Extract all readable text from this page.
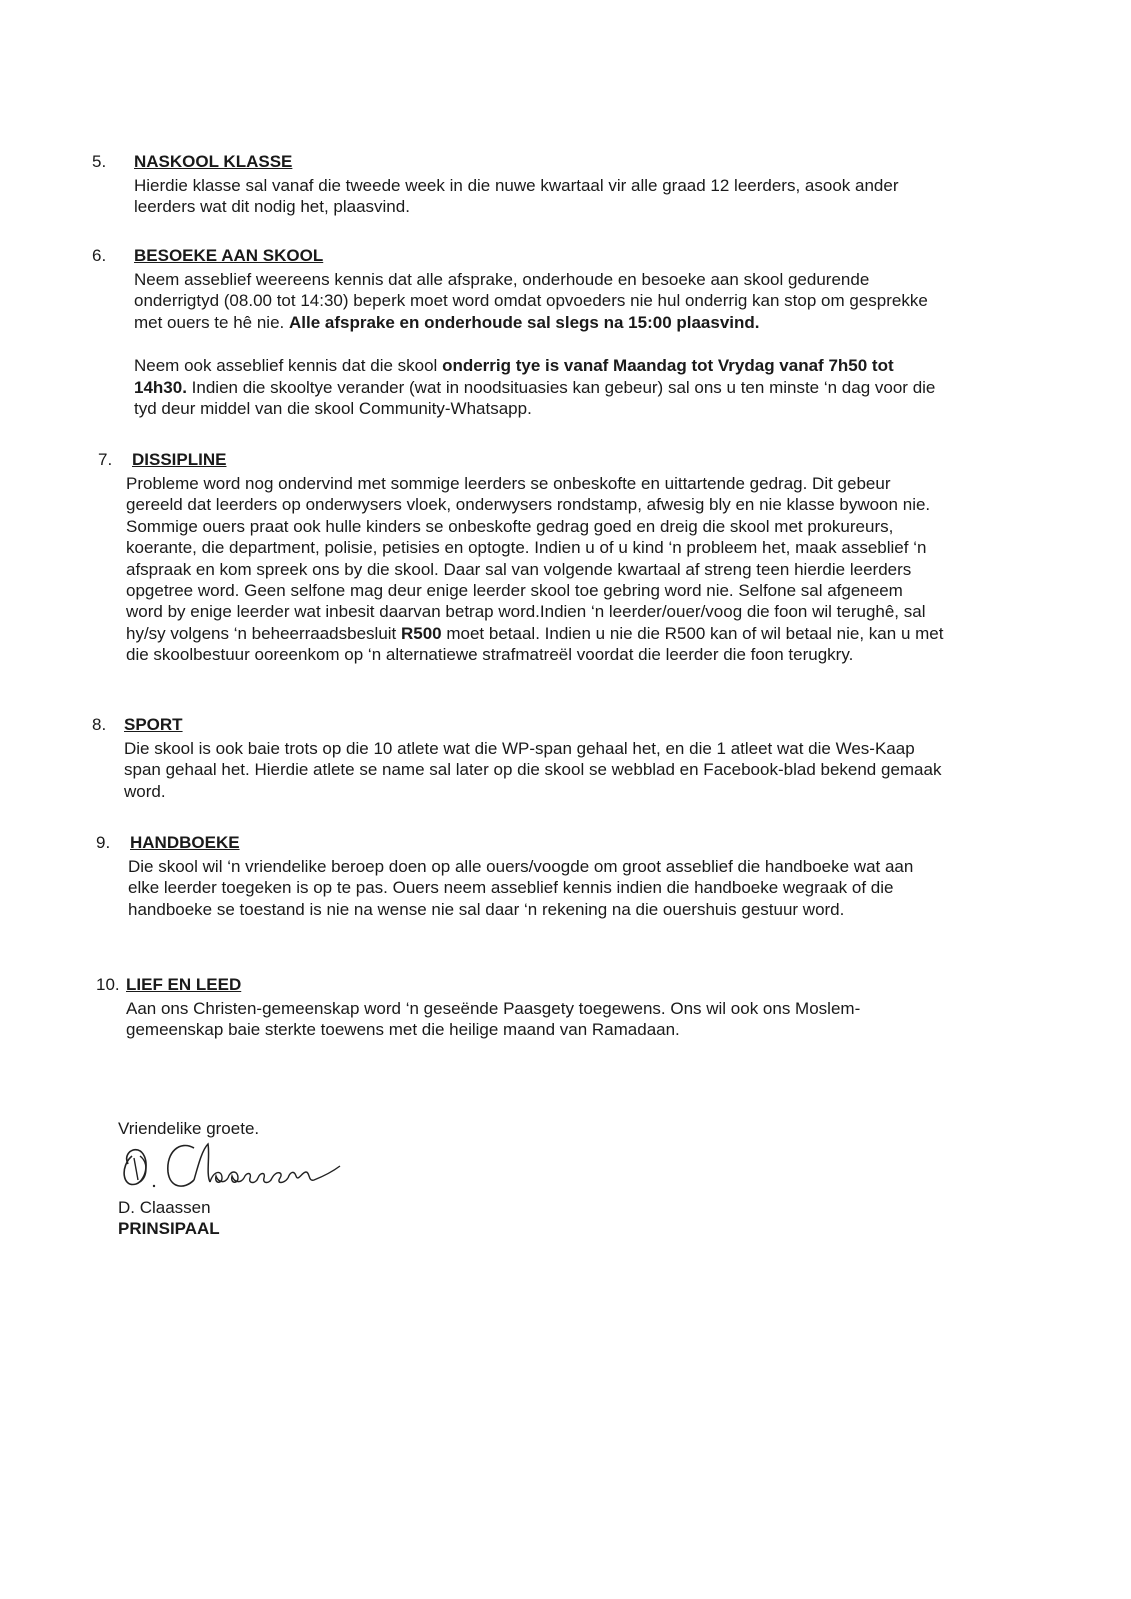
5. NASKOOL KLASSE
Hierdie klasse sal vanaf die tweede week in die nuwe kwartaal vir alle graad 12 leerders, asook ander
leerders wat dit nodig het, plaasvind.
6. BESOEKE AAN SKOOL
Neem asseblief weereens kennis dat alle afsprake, onderhoude en besoeke aan skool gedurende
onderrigtyd (08.00 tot 14:30) beperk moet word omdat opvoeders nie hul onderrig kan stop om gesprekke
met ouers te hê nie. Alle afsprake en onderhoude sal slegs na 15:00 plaasvind.
Neem ook asseblief kennis dat die skool onderrig tye is vanaf Maandag tot Vrydag vanaf 7h50 tot
14h30. Indien die skooltye verander (wat in noodsituasies kan gebeur) sal ons u ten minste ‘n dag voor die
tyd deur middel van die skool Community-Whatsapp.
7. DISSIPLINE
Probleme word nog ondervind met sommige leerders se onbeskofte en uittartende gedrag. Dit gebeur
gereeld dat leerders op onderwysers vloek, onderwysers rondstamp, afwesig bly en nie klasse bywoon nie.
Sommige ouers praat ook hulle kinders se onbeskofte gedrag goed en dreig die skool met prokureurs,
koerante, die department, polisie, petisies en optogte. Indien u of u kind ‘n probleem het, maak asseblief ‘n
afspraak en kom spreek ons by die skool. Daar sal van volgende kwartaal af streng teen hierdie leerders
opgetree word. Geen selfone mag deur enige leerder skool toe gebring word nie. Selfone sal afgeneem
word by enige leerder wat inbesit daarvan betrap word.Indien ‘n leerder/ouer/voog die foon wil terughê, sal
hy/sy volgens ‘n beheerraadsbesluit R500 moet betaal. Indien u nie die R500 kan of wil betaal nie, kan u met
die skoolbestuur ooreenkom op ‘n alternatiewe strafmatreël voordat die leerder die foon terugkry.
8. SPORT
Die skool is ook baie trots op die 10 atlete wat die WP-span gehaal het, en die 1 atleet wat die Wes-Kaap
span gehaal het. Hierdie atlete se name sal later op die skool se webblad en Facebook-blad bekend gemaak
word.
9. HANDBOEKE
Die skool wil ‘n vriendelike beroep doen op alle ouers/voogde om groot asseblief die handboeke wat aan
elke leerder toegeken is op te pas. Ouers neem asseblief kennis indien die handboeke wegraak of die
handboeke se toestand is nie na wense nie sal daar ‘n rekening na die ouershuis gestuur word.
10. LIEF EN LEED
Aan ons Christen-gemeenskap word ‘n geseënde Paasgety toegewens. Ons wil ook ons Moslem-
gemeenskap baie sterkte toewens met die heilige maand van Ramadaan.
Vriendelike groete.
D. Claassen
PRINSIPAAL
